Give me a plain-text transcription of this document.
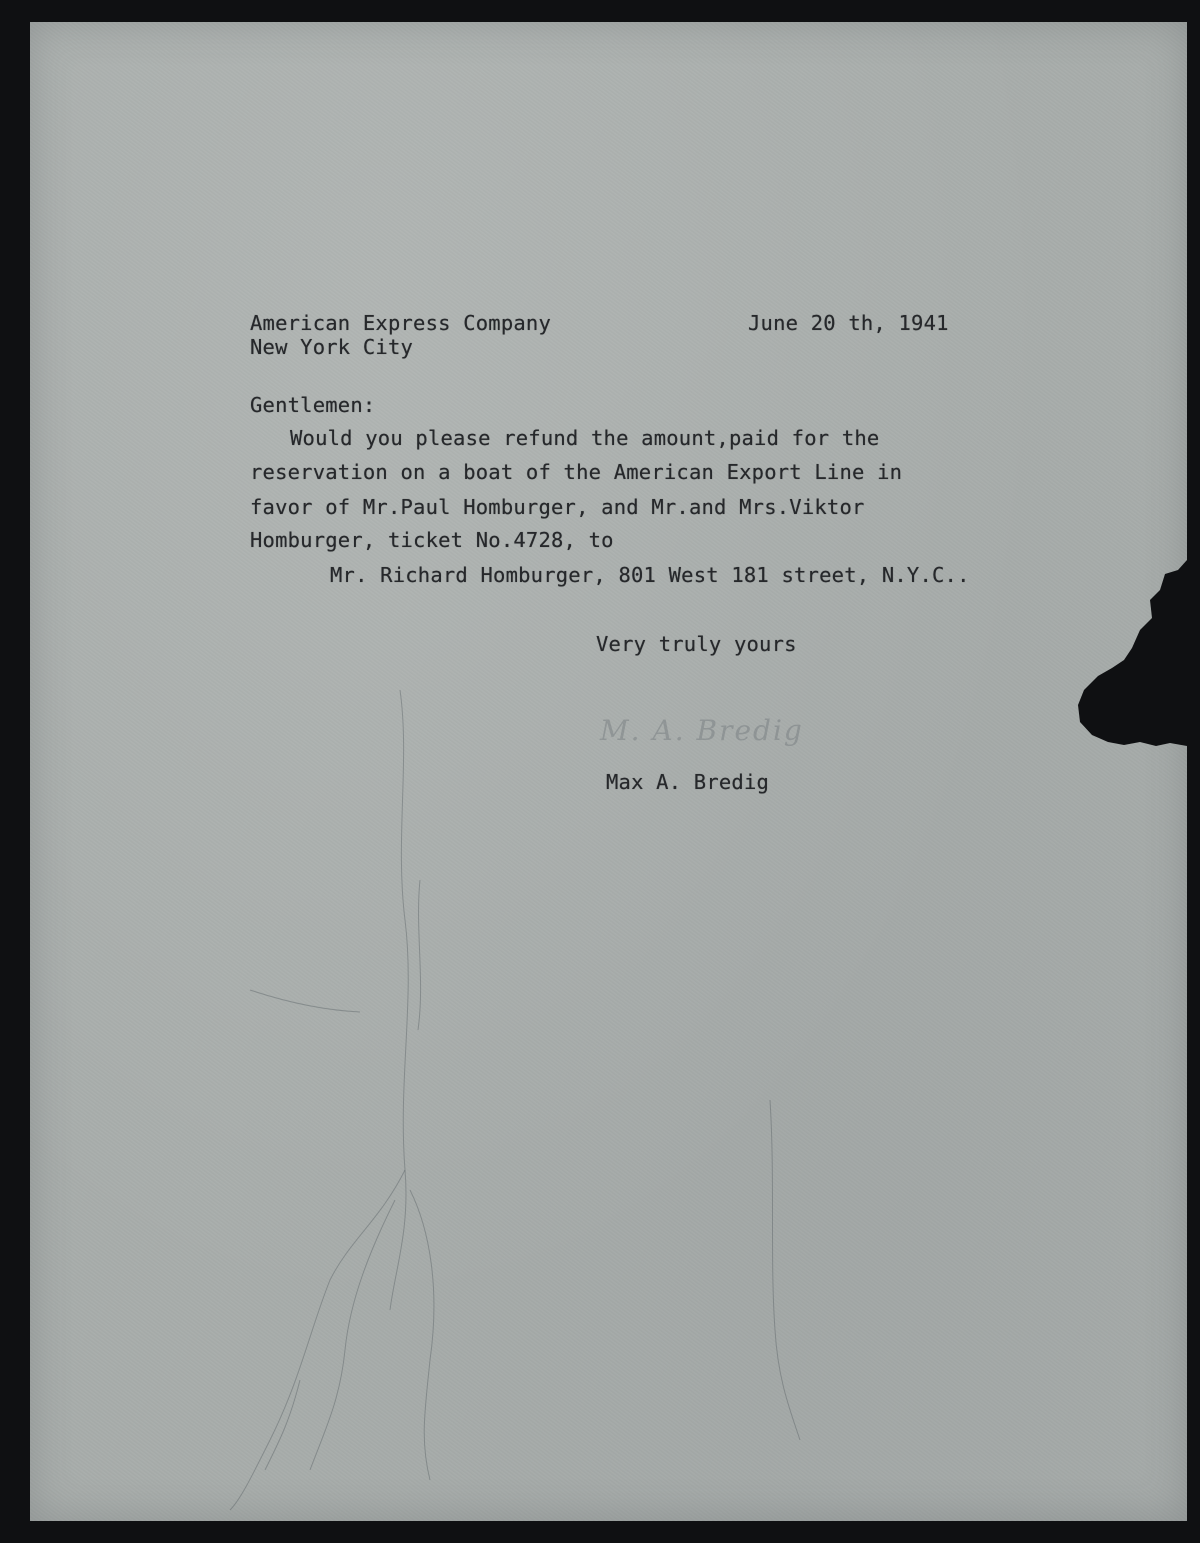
American Express Company	June 20 th, 1941
New York City
Gentlemen:
Would you please refund the amount,paid for the
reservation on a boat of the American Export Line in
favor of Mr.Paul Homburger, and Mr.and Mrs.Viktor
Homburger, ticket No.4728, to
Mr. Richard Homburger, 801 West 181 street, N.Y.C..
Very truly yours
M. A. Bredig
Max A. Bredig
